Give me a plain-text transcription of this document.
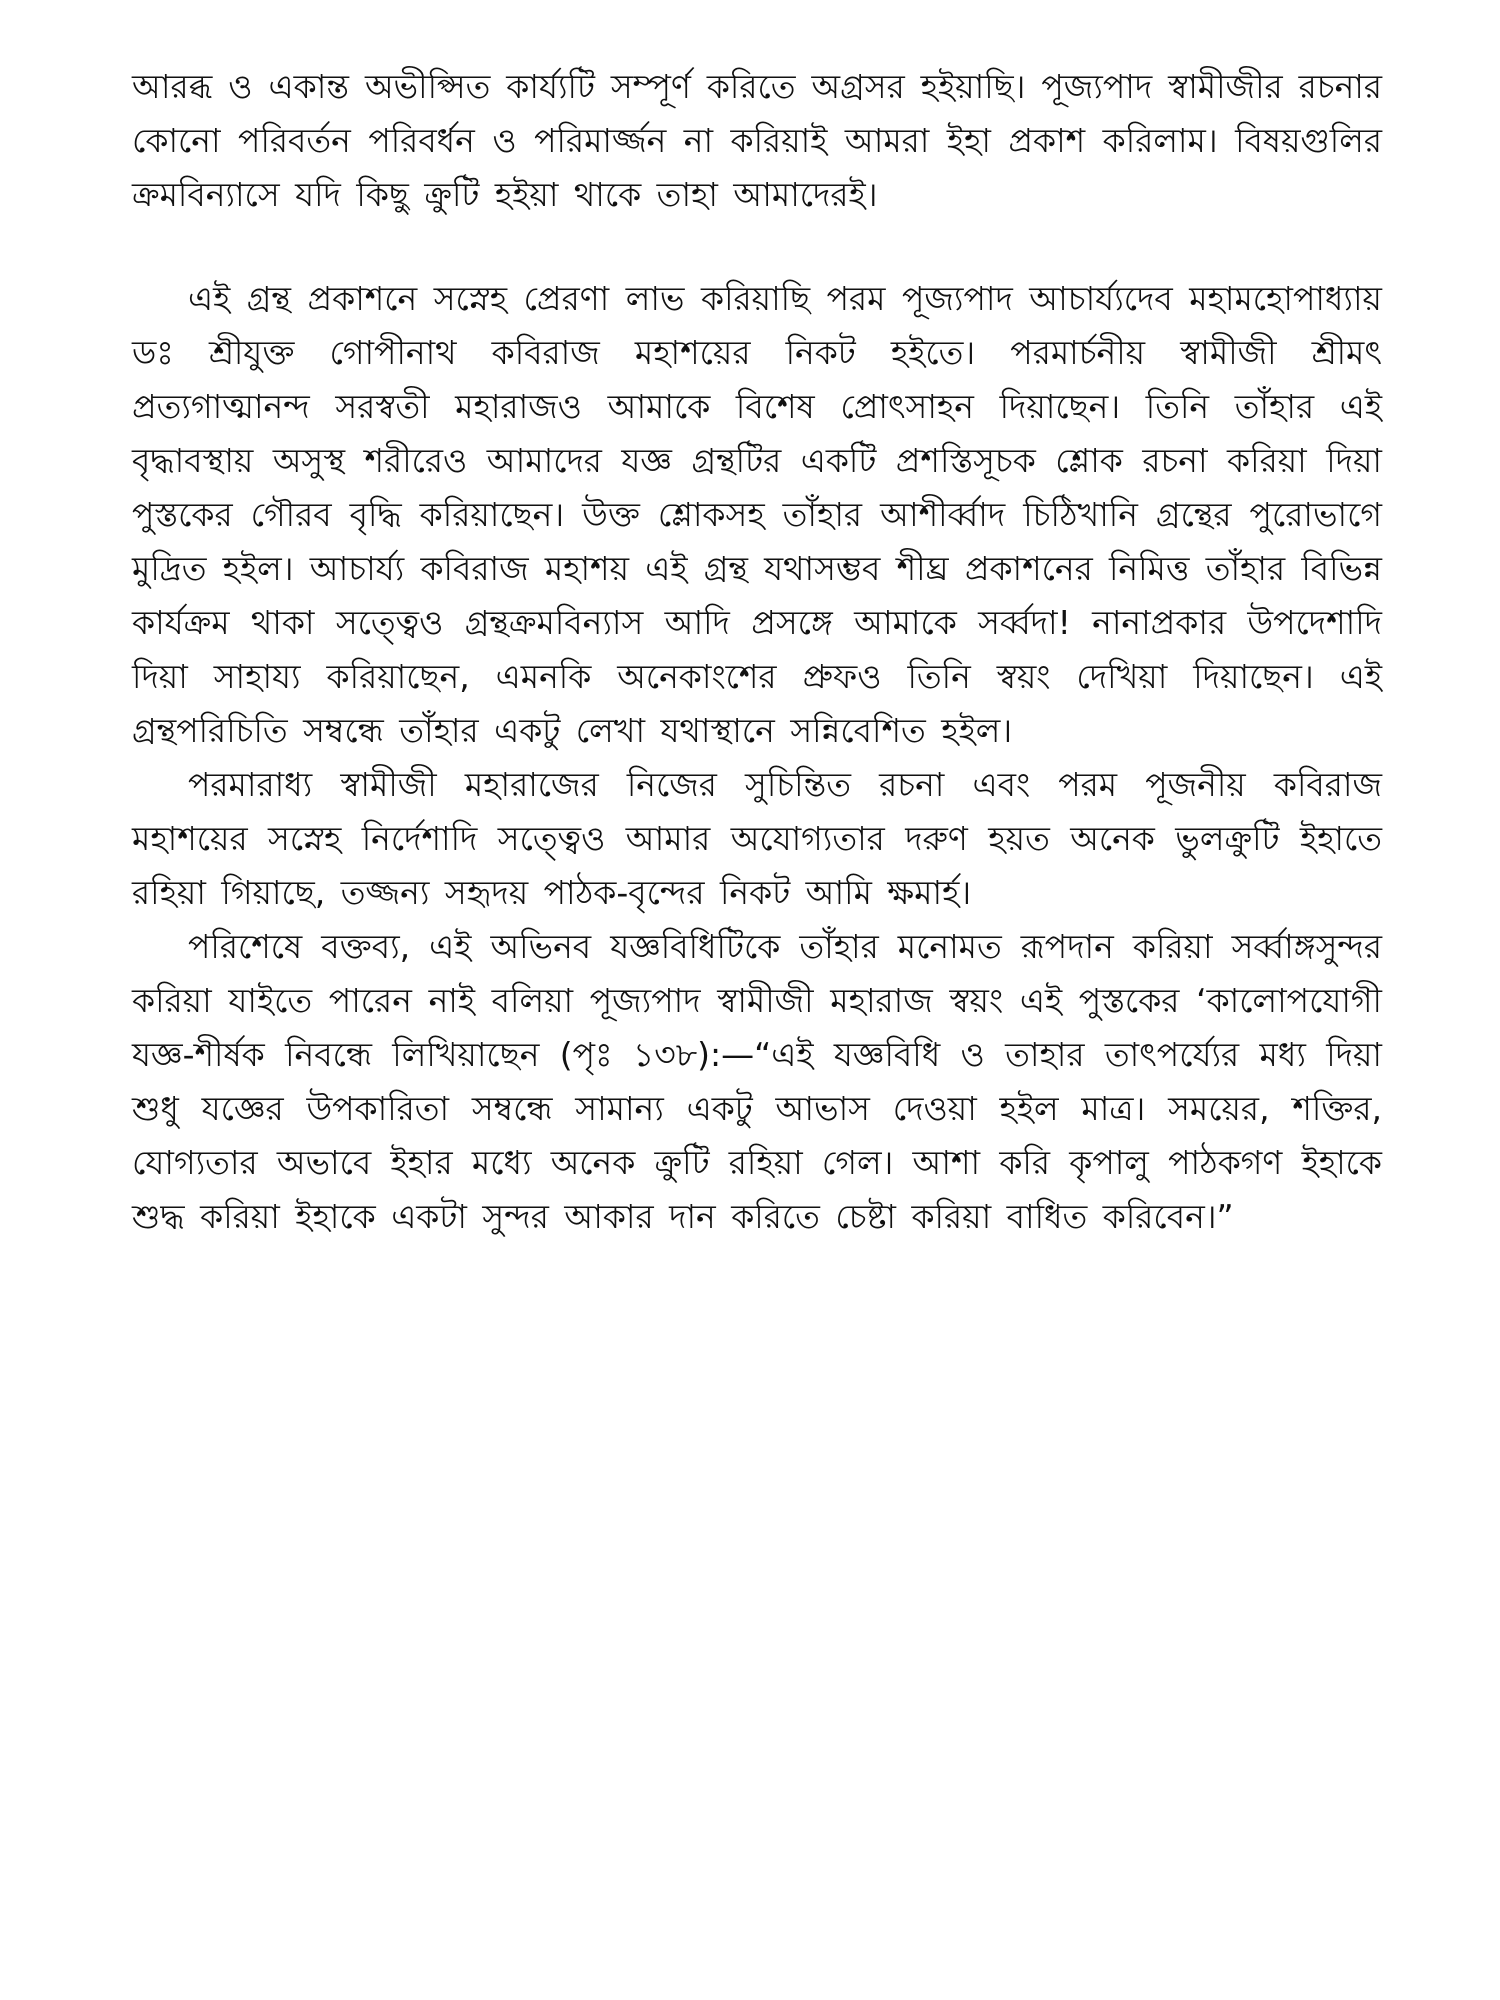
আরব্ধ ও একান্ত অভীপ্সিত কার্য্যটি সম্পূর্ণ করিতে অগ্রসর হইয়াছি। পূজ্যপাদ স্বামীজীর রচনার কোনো পরিবর্তন পরিবর্ধন ও পরিমার্জ্জন না করিয়াই আমরা ইহা প্রকাশ করিলাম। বিষয়গুলির ক্রমবিন্যাসে যদি কিছু ক্রুটি হইয়া থাকে তাহা আমাদেরই।

এই গ্রন্থ প্রকাশনে সস্নেহ প্রেরণা লাভ করিয়াছি পরম পূজ্যপাদ আচার্য্যদেব মহামহোপাধ্যায় ডঃ শ্রীযুক্ত গোপীনাথ কবিরাজ মহাশয়ের নিকট হইতে। পরমার্চনীয় স্বামীজী শ্রীমৎ প্রত্যগাত্মানন্দ সরস্বতী মহারাজও আমাকে বিশেষ প্রোৎসাহন দিয়াছেন। তিনি তাঁহার এই বৃদ্ধাবস্থায় অসুস্থ শরীরেও আমাদের যজ্ঞ গ্রন্থটির একটি প্রশস্তিসূচক শ্লোক রচনা করিয়া দিয়া পুস্তকের গৌরব বৃদ্ধি করিয়াছেন। উক্ত শ্লোকসহ তাঁহার আশীর্ব্বাদ চিঠিখানি গ্রন্থের পুরোভাগে মুদ্রিত হইল। আচার্য্য কবিরাজ মহাশয় এই গ্রন্থ যথাসম্ভব শীঘ্র প্রকাশনের নিমিত্ত তাঁহার বিভিন্ন কার্যক্রম থাকা সত্ত্বেও গ্রন্থক্রমবিন্যাস আদি প্রসঙ্গে আমাকে সর্ব্বদা! নানাপ্রকার উপদেশাদি দিয়া সাহায্য করিয়াছেন, এমনকি অনেকাংশের প্রুফও তিনি স্বয়ং দেখিয়া দিয়াছেন। এই গ্রন্থপরিচিতি সম্বন্ধে তাঁহার একটু লেখা যথাস্থানে সন্নিবেশিত হইল।

পরমারাধ্য স্বামীজী মহারাজের নিজের সুচিন্তিত রচনা এবং পরম পূজনীয় কবিরাজ মহাশয়ের সস্নেহ নির্দেশাদি সত্ত্বেও আমার অযোগ্যতার দরুণ হয়ত অনেক ভুলক্রুটি ইহাতে রহিয়া গিয়াছে, তজ্জন্য সহৃদয় পাঠক-বৃন্দের নিকট আমি ক্ষমার্হ।

পরিশেষে বক্তব্য, এই অভিনব যজ্ঞবিধিটিকে তাঁহার মনোমত রূপদান করিয়া সর্ব্বাঙ্গসুন্দর করিয়া যাইতে পারেন নাই বলিয়া পূজ্যপাদ স্বামীজী মহারাজ স্বয়ং এই পুস্তকের ‘কালোপযোগী যজ্ঞ-শীর্ষক নিবন্ধে লিখিয়াছেন (পৃঃ ১৩৮):—“এই যজ্ঞবিধি ও তাহার তাৎপর্য্যের মধ্য দিয়া শুধু যজ্ঞের উপকারিতা সম্বন্ধে সামান্য একটু আভাস দেওয়া হইল মাত্র। সময়ের, শক্তির, যোগ্যতার অভাবে ইহার মধ্যে অনেক ক্রুটি রহিয়া গেল। আশা করি কৃপালু পাঠকগণ ইহাকে শুদ্ধ করিয়া ইহাকে একটা সুন্দর আকার দান করিতে চেষ্টা করিয়া বাধিত করিবেন।”
